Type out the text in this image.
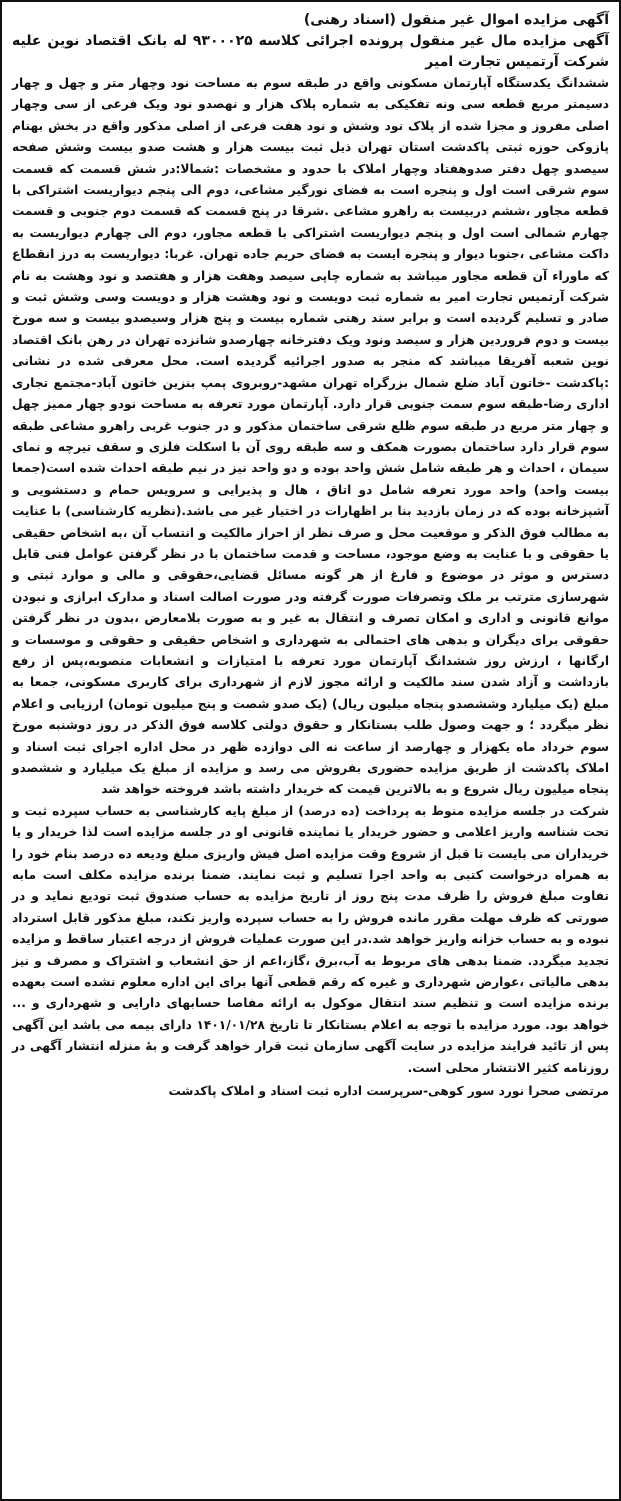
آگهی مزایده اموال غیر منقول (اسناد رهنی)

آگهی مزایده مال غیر منقول پرونده اجرائی کلاسه ۹۳۰۰۰۲۵ له بانک اقتصاد نوین علیه شرکت آرتمیس تجارت امیر

ششدانگ یکدستگاه آپارتمان مسکونی واقع در طبقه سوم به مساحت نود وچهار متر و چهل و چهار دسیمتر مربع قطعه سی ونه تفکیکی به شماره پلاک هزار و نهصدو نود ویک فرعی از سی وچهار اصلی مفروز و مجزا شده از پلاک نود وشش و نود هفت فرعی از اصلی مذکور واقع در بخش بهنام پازوکی حوزه ثبتی پاکدشت استان تهران ذیل ثبت بیست هزار و هشت صدو بیست وشش صفحه سیصدو چهل دفتر صدوهفتاد وچهار املاک با حدود و مشخصات :شمالا:در شش قسمت که قسمت سوم شرقی است اول و پنجره است به فضای نورگیر مشاعی، دوم الی پنجم دیواریست اشتراکی با قطعه مجاور ،ششم دربیست به راهرو مشاعی .شرقا در پنج قسمت که قسمت دوم جنوبی و قسمت چهارم شمالی است اول و پنجم دیواریست اشتراکی با قطعه مجاور، دوم الی چهارم دیواریست به داکت مشاعی ،جنوبا دیوار و پنجره ایست به فضای حریم جاده تهران. غربا: دیواریست به درز انقطاع که ماوراء آن قطعه مجاور میباشد به شماره چاپی سیصد وهفت هزار و هفتصد و نود وهشت به نام شرکت آرتمیس تجارت امیر به شماره ثبت دویست و نود وهشت هزار و دویست وسی وشش ثبت و صادر و تسلیم گردیده است و برابر سند رهنی شماره بیست و پنج هزار وسیصدو بیست و سه مورخ بیست و دوم فروردین هزار و سیصد ونود ویک دفترخانه چهارصدو شانزده تهران در رهن بانک اقتصاد نوین شعبه آفریقا میباشد که منجر به صدور اجرائیه گردیده است. محل معرفی شده در نشانی :پاکدشت -خاتون آباد ضلع شمال بزرگراه تهران مشهد-روبروی پمپ بنزین خاتون آباد-مجتمع تجاری اداری رضا-طبقه سوم سمت جنوبی قرار دارد. آپارتمان مورد تعرفه به مساحت نودو چهار ممیز چهل و چهار متر مربع در طبقه سوم ظلع شرقی ساختمان مذکور و در جنوب غربی راهرو مشاعی طبقه سوم قرار دارد ساختمان بصورت همکف و سه طبقه روی آن با اسکلت فلزی و سقف تیرچه و نمای سیمان ، احداث و هر طبقه شامل شش واحد بوده و دو واحد نیز در نیم طبقه احداث شده است(جمعا بیست واحد) واحد مورد تعرفه شامل دو اتاق ، هال و پذیرایی و سرویس حمام و دستشویی و آشپزخانه بوده که در زمان بازدید بنا بر اظهارات در اختیار غیر می باشد.(نظریه کارشناسی) با عنایت به مطالب فوق الذکر و موقعیت محل و صرف نظر از احراز مالکیت و انتساب آن ،به اشخاص حقیقی یا حقوقی و با عنایت به وضع موجود، مساحت و قدمت ساختمان با در نظر گرفتن عوامل فنی قابل دسترس و موثر در موضوع و فارغ از هر گونه مسائل قضایی،حقوقی و مالی و موارد ثبتی و شهرسازی مترتب بر ملک وتصرفات صورت گرفته ودر صورت اصالت اسناد و مدارک ابرازی و نبودن موانع قانونی و اداری و امکان تصرف و انتقال به غیر و به صورت بلامعارض ،بدون در نظر گرفتن حقوقی برای دیگران و بدهی های احتمالی به شهرداری و اشخاص حقیقی و حقوقی و موسسات و ارگانها ، ارزش روز ششدانگ آپارتمان مورد تعرفه با امتیازات و انشعابات منصوبه،پس از رفع بازداشت و آزاد شدن سند مالکیت و ارائه مجوز لازم از شهرداری برای کاربری مسکونی، جمعا به مبلغ (یک میلیارد وششصدو پنجاه میلیون ریال) (یک صدو شصت و پنج میلیون تومان) ارزیابی و اعلام نظر میگردد ؛ و جهت وصول طلب بستانکار و حقوق دولتی کلاسه فوق الذکر در روز دوشنبه مورخ سوم خرداد ماه یکهزار و چهارصد از ساعت نه الی دوازده ظهر در محل اداره اجرای ثبت اسناد و املاک پاکدشت از طریق مزایده حضوری بفروش می رسد و مزایده از مبلغ یک میلیارد و ششصدو پنجاه میلیون ریال شروع و به بالاترین قیمت که خریدار داشته باشد فروخته خواهد شد

شرکت در جلسه مزایده منوط به پرداخت (ده درصد) از مبلغ پایه کارشناسی به حساب سپرده ثبت و تحت شناسه واریز اعلامی و حضور خریدار یا نماینده قانونی او در جلسه مزایده است لذا خریدار و یا خریداران می بایست تا قبل از شروع وقت مزایده اصل فیش واریزی مبلغ ودیعه ده درصد بنام خود را به همراه درخواست کتبی به واحد اجرا تسلیم و ثبت نمایند. ضمنا برنده مزایده مکلف است مابه تفاوت مبلغ فروش را ظرف مدت پنج روز از تاریخ مزایده به حساب صندوق ثبت تودیع نماید و در صورتی که ظرف مهلت مقرر مانده فروش را به حساب سپرده واریز نکند، مبلغ مذکور قابل استرداد نبوده و به حساب خزانه واریز خواهد شد.در این صورت عملیات فروش از درجه اعتبار ساقط و مزایده تجدید میگردد. ضمنا بدهی های مربوط به آب،برق ،گاز،اعم از حق انشعاب و اشتراک و مصرف و نیز بدهی مالیاتی ،عوارض شهرداری و غیره که رقم قطعی آنها برای این اداره معلوم نشده است بعهده برنده مزایده است و تنظیم سند انتقال موکول به ارائه مفاصا حسابهای دارایی و شهرداری و ... خواهد بود. مورد مزایده با توجه به اعلام بستانکار تا تاریخ ۱۴۰۱/۰۱/۲۸ دارای بیمه می باشد این آگهی پس از تائید فرایند مزایده در سایت آگهی سازمان ثبت قرار خواهد گرفت و بهٔ منزله انتشار آگهی در روزنامه کثیر الانتشار محلی است.

مرتضی صحرا نورد سور کوهی-سرپرست اداره ثبت اسناد و املاک پاکدشت
